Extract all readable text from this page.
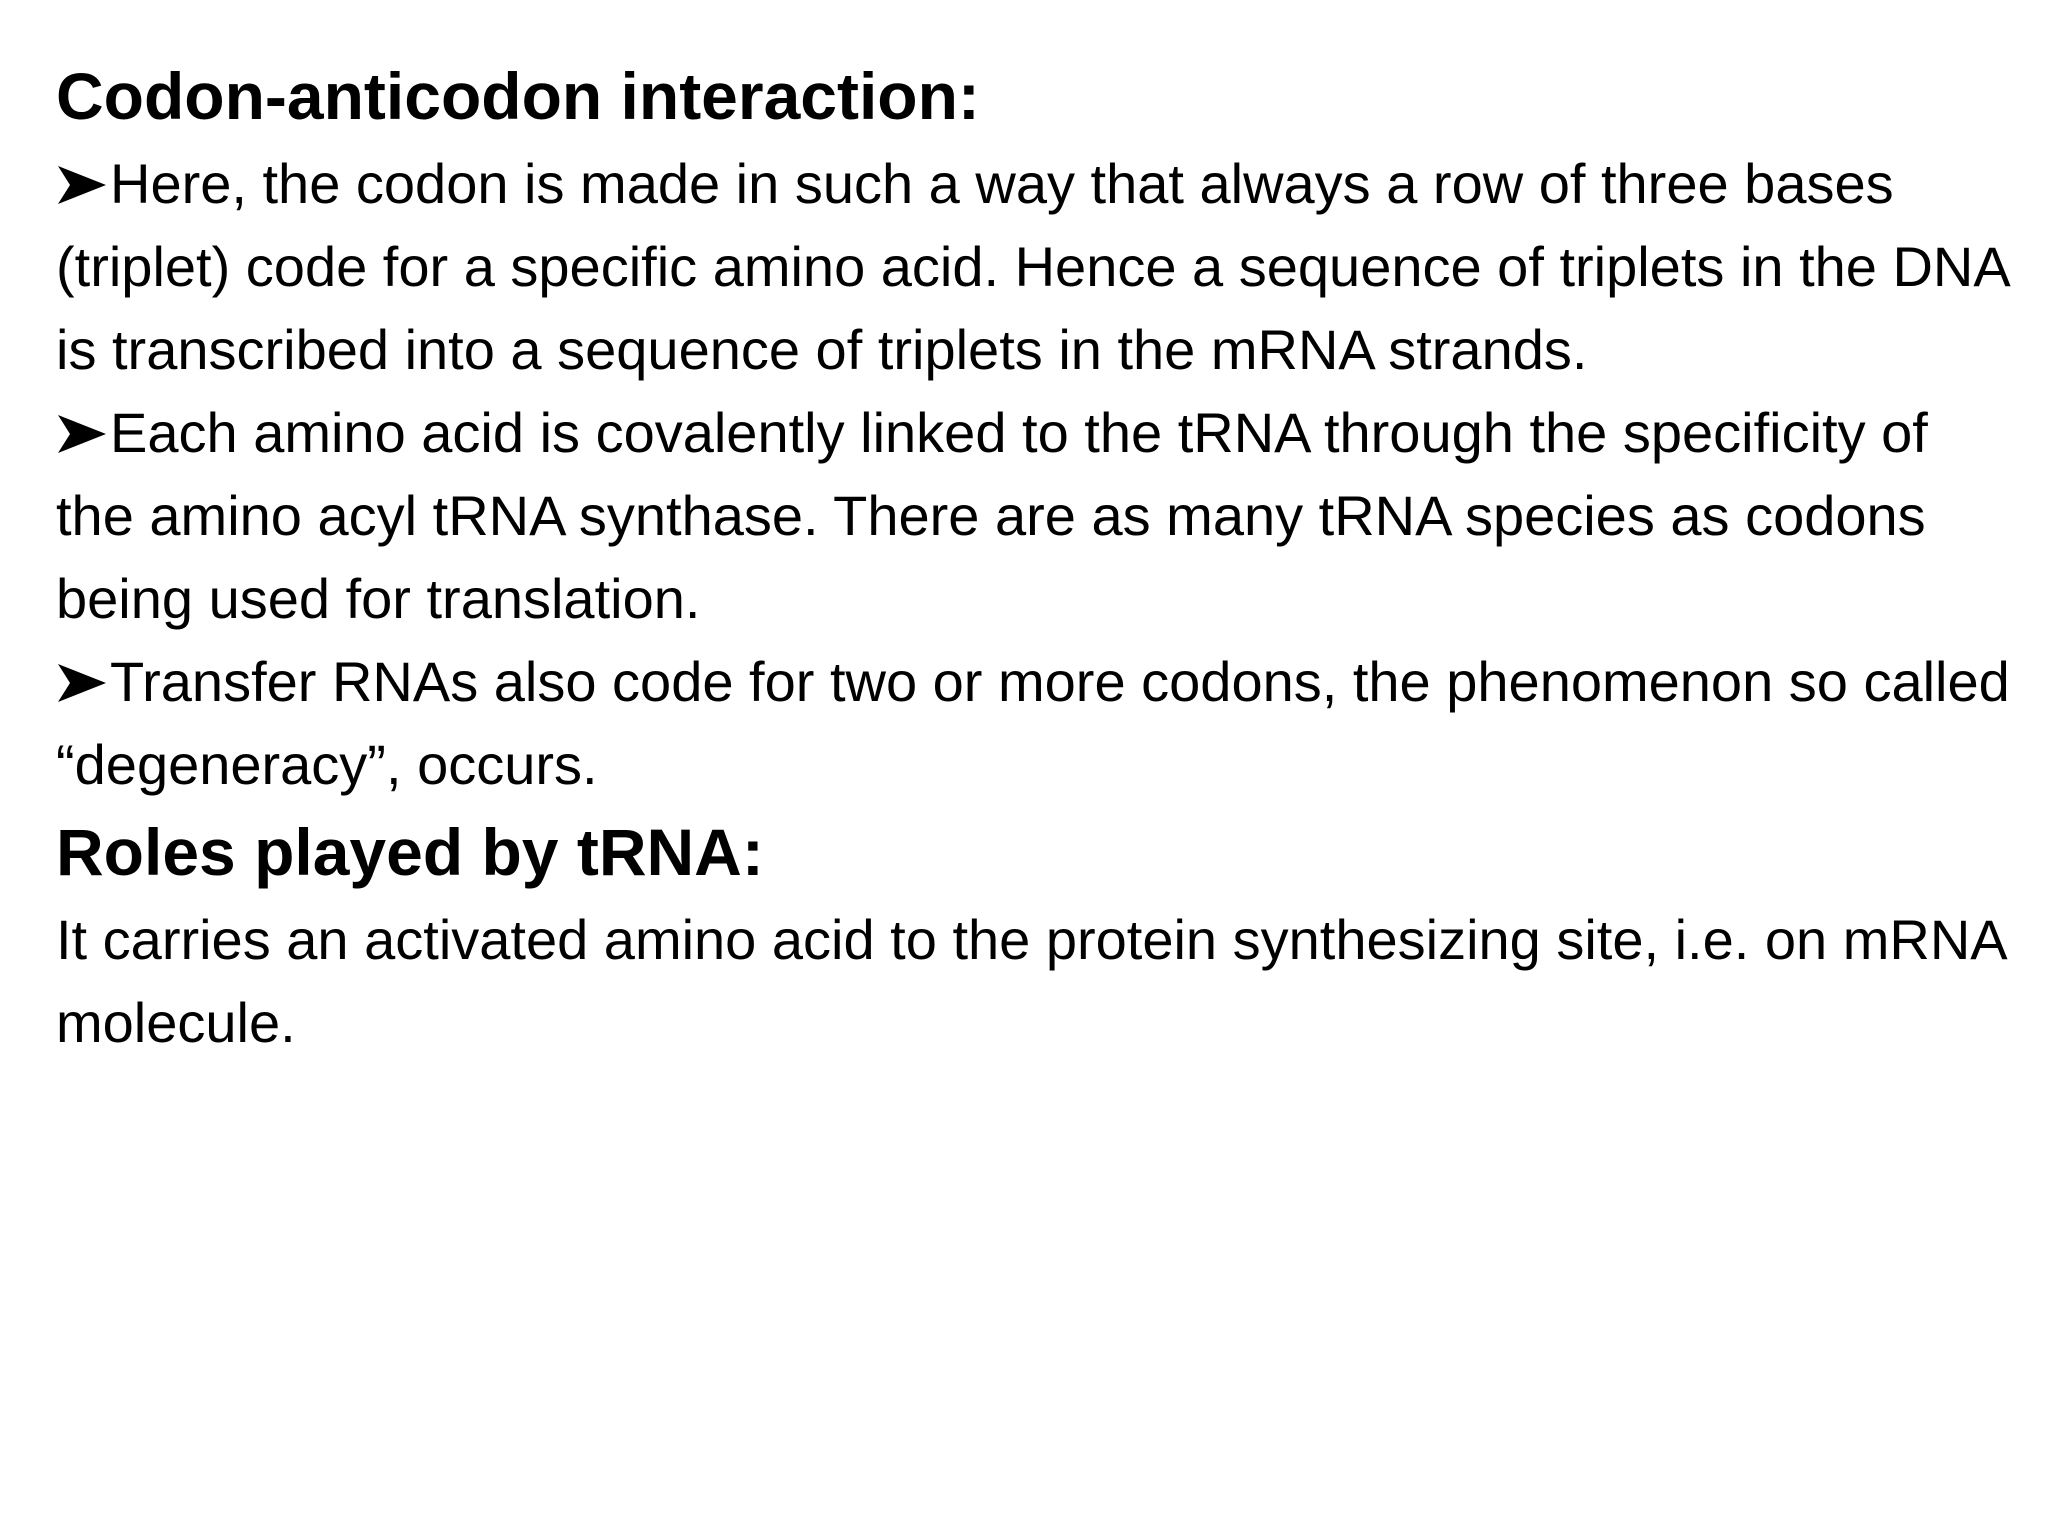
Codon-anticodon interaction:

Here, the codon is made in such a way that always a row of three bases (triplet) code for a specific amino acid. Hence a sequence of triplets in the DNA is transcribed into a sequence of triplets in the mRNA strands.

Each amino acid is covalently linked to the tRNA through the specificity of the amino acyl tRNA synthase. There are as many tRNA species as codons being used for translation.

Transfer RNAs also code for two or more codons, the phenomenon so called “degeneracy”, occurs.

Roles played by tRNA:

It carries an activated amino acid to the protein synthesizing site, i.e. on mRNA molecule.
